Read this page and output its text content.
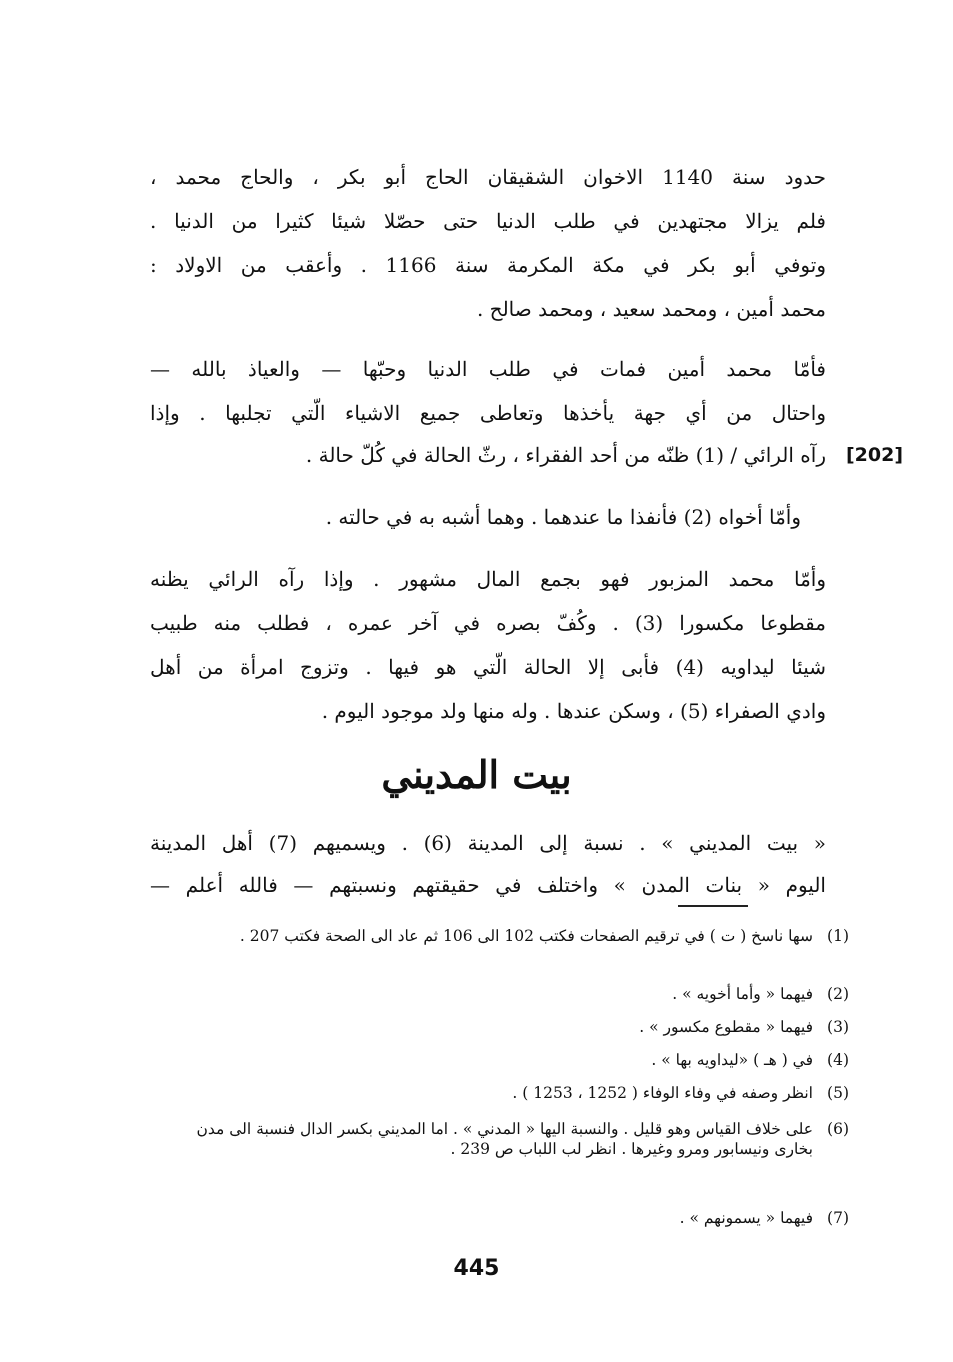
حدود سنة 1140 الاخوان الشقيقان الحاج أبو بكر ، والحاج محمد ،
فلم يزالا مجتهدين في طلب الدنيا حتى حصّلا شيئا كثيرا من الدنيا .
وتوفي أبو بكر في مكة المكرمة سنة 1166 . وأعقب من الاولاد :
محمد أمين ، ومحمد سعيد ، ومحمد صالح .
فأمّا محمد أمين فمات في طلب الدنيا وحبّها — والعياذ بالله —
واحتال من أي جهة يأخذها وتعاطى جميع الاشياء الّتي تجلبها . وإذا
رآه الرائي / (1) ظنّه من أحد الفقراء ، رثّ الحالة في كُلّ حالة . [202]
وأمّا أخواه (2) فأنفذا ما عندهما . وهما أشبه به في حالته .
وأمّا محمد المزبور فهو بجمع المال مشهور . وإذا رآه الرائي يظنه
مقطوعا مكسورا (3) . وكُفّ بصره في آخر عمره ، فطلب منه طبيب
شيئا ليداويه (4) فأبى إلا الحالة الّتي هو فيها . وتزوج امرأة من أهل
وادي الصفراء (5) ، وسكن عندها . وله منها ولد موجود اليوم .
بيت المديني
« بيت المديني » . نسبة إلى المدينة (6) . ويسميهم (7) أهل المدينة
اليوم « بنات المدن » واختلف في حقيقتهم ونسبتهم — فالله أعلم —
(1)
سها ناسخ ( ت ) في ترقيم الصفحات فكتب 102 الى 106 ثم عاد الى الصحة فكتب 207 .
(2)
فيهما « وأما أخويه » .
(3)
فيهما « مقطوع مكسور » .
(4)
في ( هـ ) «ليداويه بها » .
(5)
انظر وصفه في وفاء الوفاء ( 1252 ، 1253 ) .
(6)
على خلاف القياس وهو قليل . والنسبة اليها « المدني » . اما المديني بكسر الدال فنسبة الى مدن بخارى ونيسابور ومرو وغيرها . انظر لب اللباب ص 239 .
(7)
فيهما « يسمونهم » .
445
